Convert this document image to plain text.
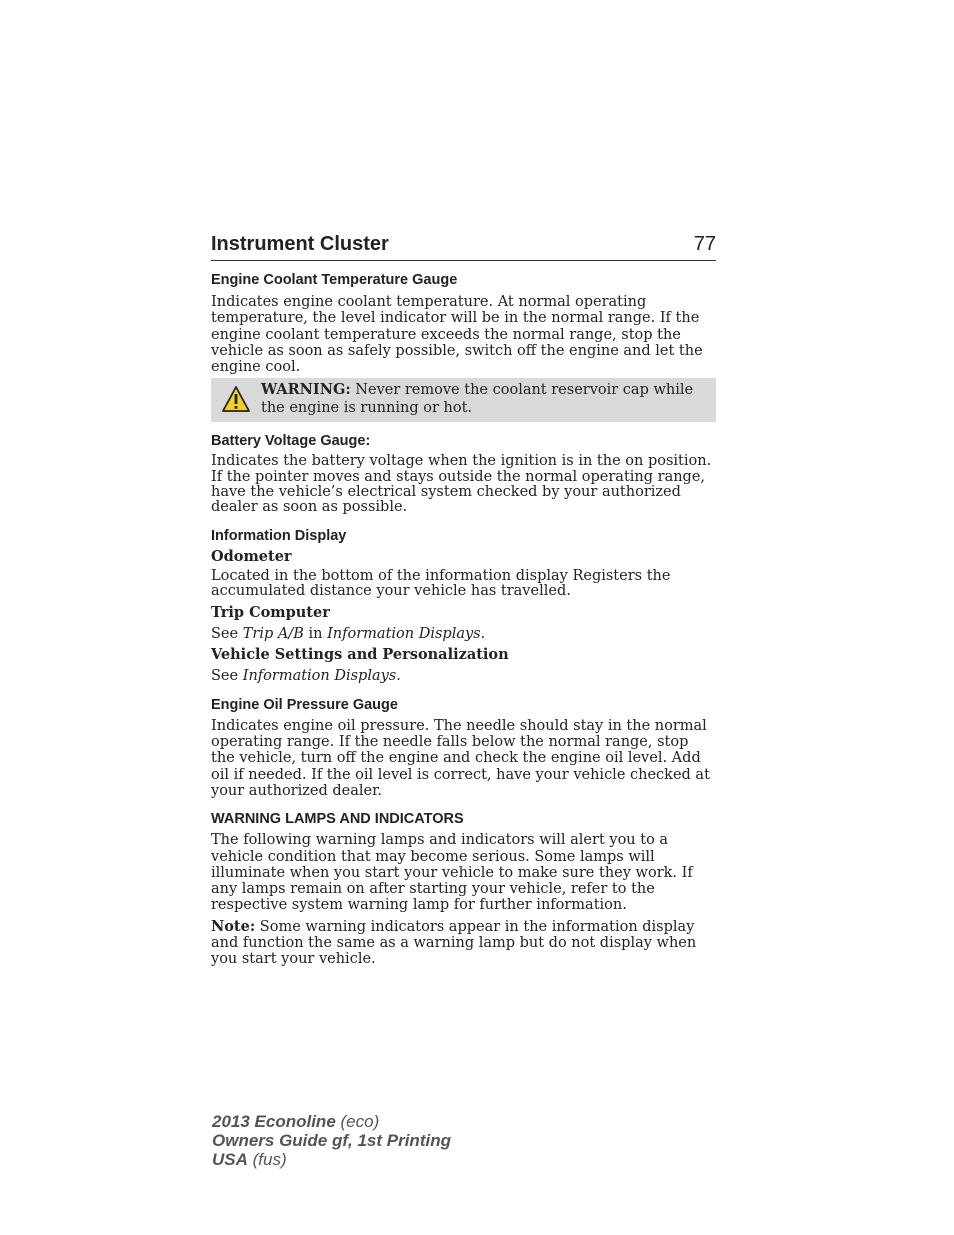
Instrument Cluster	77
Engine Coolant Temperature Gauge

Indicates engine coolant temperature. At normal operating temperature, the level indicator will be in the normal range. If the engine coolant temperature exceeds the normal range, stop the vehicle as soon as safely possible, switch off the engine and let the engine cool.

WARNING: Never remove the coolant reservoir cap while the engine is running or hot.
Battery Voltage Gauge:

Indicates the battery voltage when the ignition is in the on position. If the pointer moves and stays outside the normal operating range, have the vehicle’s electrical system checked by your authorized dealer as soon as possible.

Information Display

Odometer

Located in the bottom of the information display Registers the accumulated distance your vehicle has travelled.

Trip Computer

See Trip A/B in Information Displays.

Vehicle Settings and Personalization

See Information Displays.

Engine Oil Pressure Gauge

Indicates engine oil pressure. The needle should stay in the normal operating range. If the needle falls below the normal range, stop the vehicle, turn off the engine and check the engine oil level. Add oil if needed. If the oil level is correct, have your vehicle checked at your authorized dealer.

WARNING LAMPS AND INDICATORS

The following warning lamps and indicators will alert you to a vehicle condition that may become serious. Some lamps will illuminate when you start your vehicle to make sure they work. If any lamps remain on after starting your vehicle, refer to the respective system warning lamp for further information.

Note: Some warning indicators appear in the information display and function the same as a warning lamp but do not display when you start your vehicle.

2013 Econoline (eco)
Owners Guide gf, 1st Printing
USA (fus)
